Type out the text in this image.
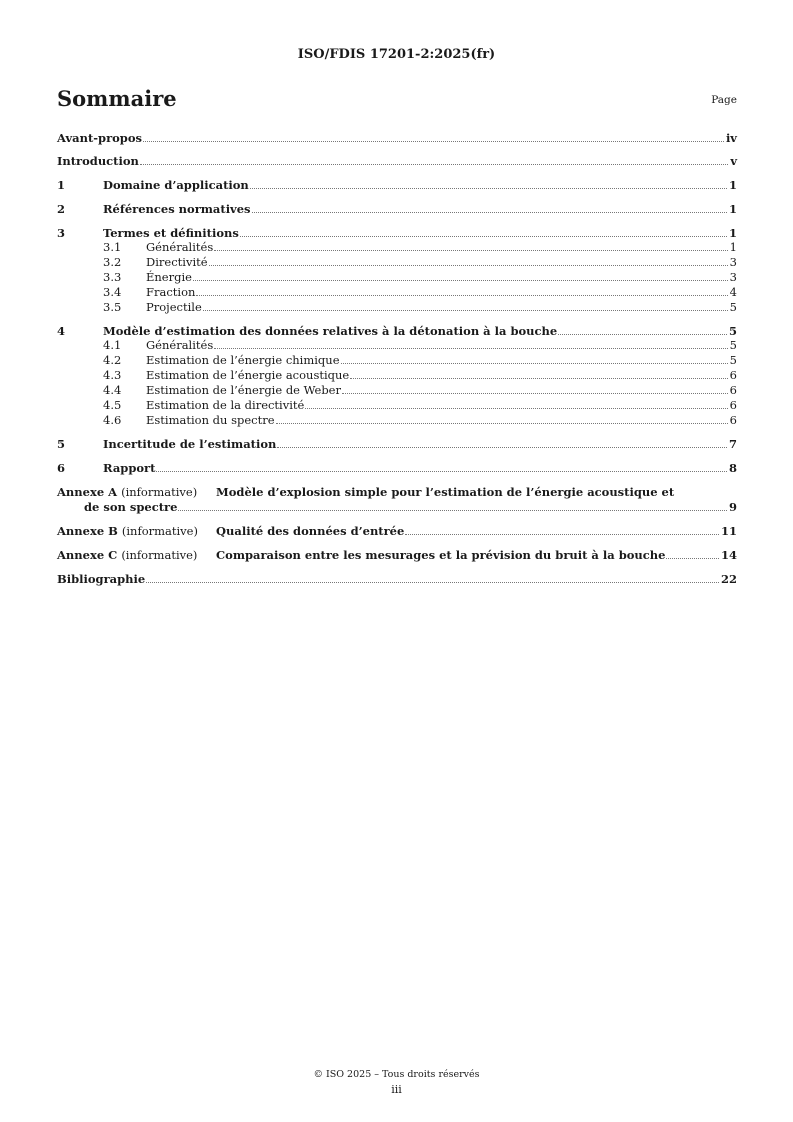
ISO/FDIS 17201-2:2025(fr)
Sommaire	Page
Avant-propos	iv
Introduction	v
1	Domaine d’application	1
2	Références normatives	1
3	Termes et définitions	1
3.1	Généralités	1
3.2	Directivité	3
3.3	Énergie	3
3.4	Fraction	4
3.5	Projectile	5
4	Modèle d’estimation des données relatives à la détonation à la bouche	5
4.1	Généralités	5
4.2	Estimation de l’énergie chimique	5
4.3	Estimation de l’énergie acoustique	6
4.4	Estimation de l’énergie de Weber	6
4.5	Estimation de la directivité	6
4.6	Estimation du spectre	6
5	Incertitude de l’estimation	7
6	Rapport	8
Annexe A (informative)	Modèle d’explosion simple pour l’estimation de l’énergie acoustique et
de son spectre	9
Annexe B (informative)	Qualité des données d’entrée	11
Annexe C (informative)	Comparaison entre les mesurages et la prévision du bruit à la bouche	14
Bibliographie	22
© ISO 2025 – Tous droits réservés
iii
